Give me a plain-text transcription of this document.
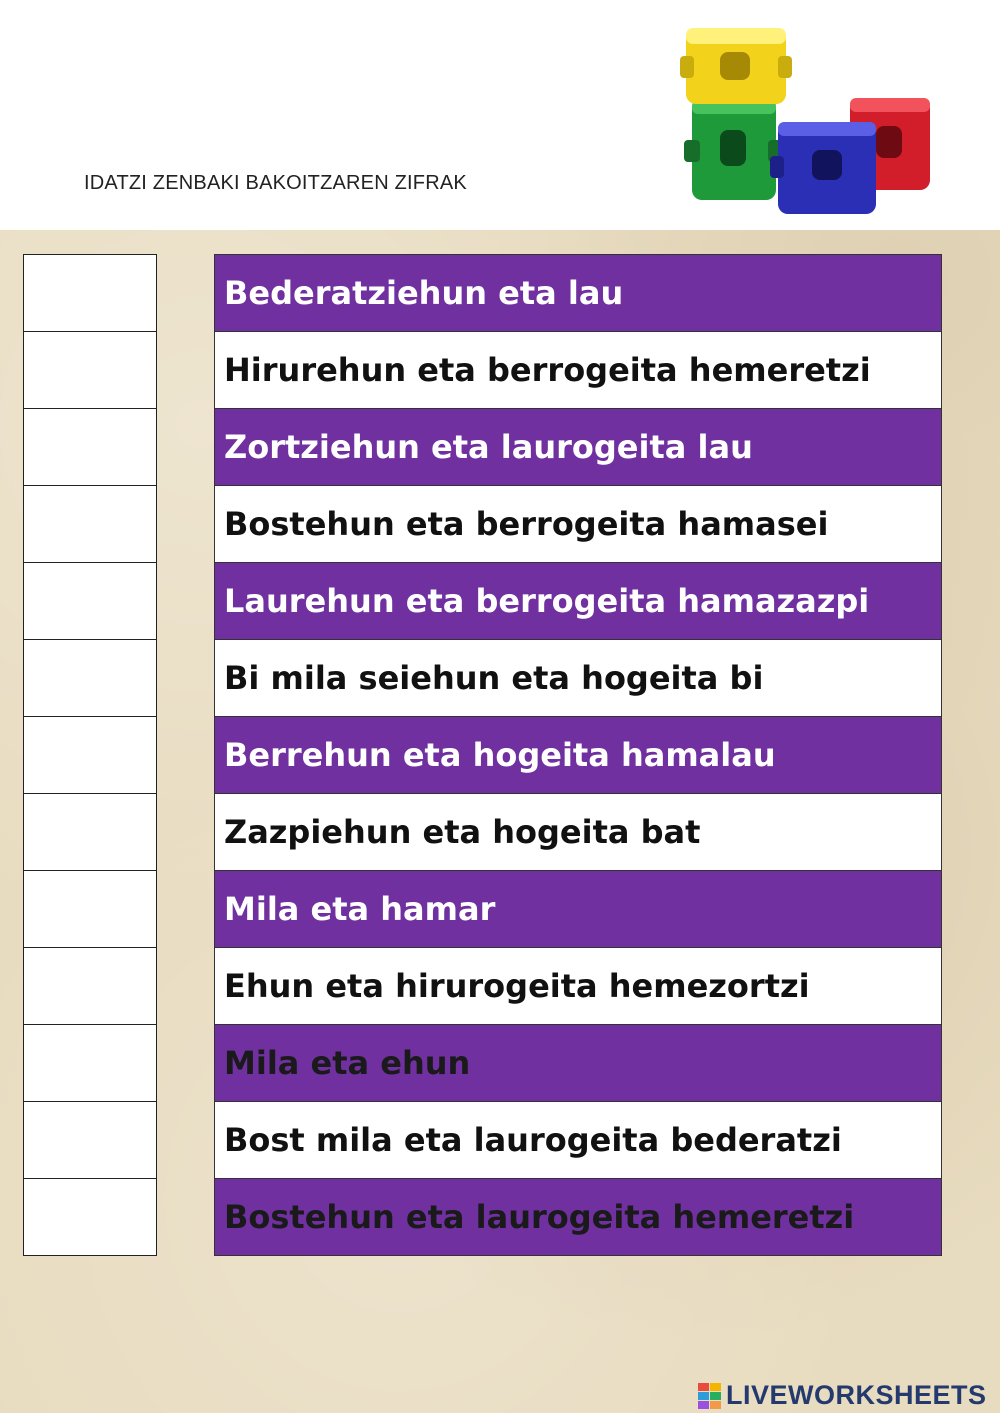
IDATZI ZENBAKI BAKOITZAREN ZIFRAK
Bederatziehun eta lau
Hirurehun eta berrogeita hemeretzi
Zortziehun eta laurogeita lau
Bostehun eta berrogeita hamasei
Laurehun eta berrogeita hamazazpi
Bi mila seiehun eta hogeita bi
Berrehun eta hogeita hamalau
Zazpiehun eta hogeita bat
Mila eta hamar
Ehun eta hirurogeita hemezortzi
Mila eta ehun
Bost mila eta laurogeita bederatzi
Bostehun eta laurogeita hemeretzi
LIVEWORKSHEETS
